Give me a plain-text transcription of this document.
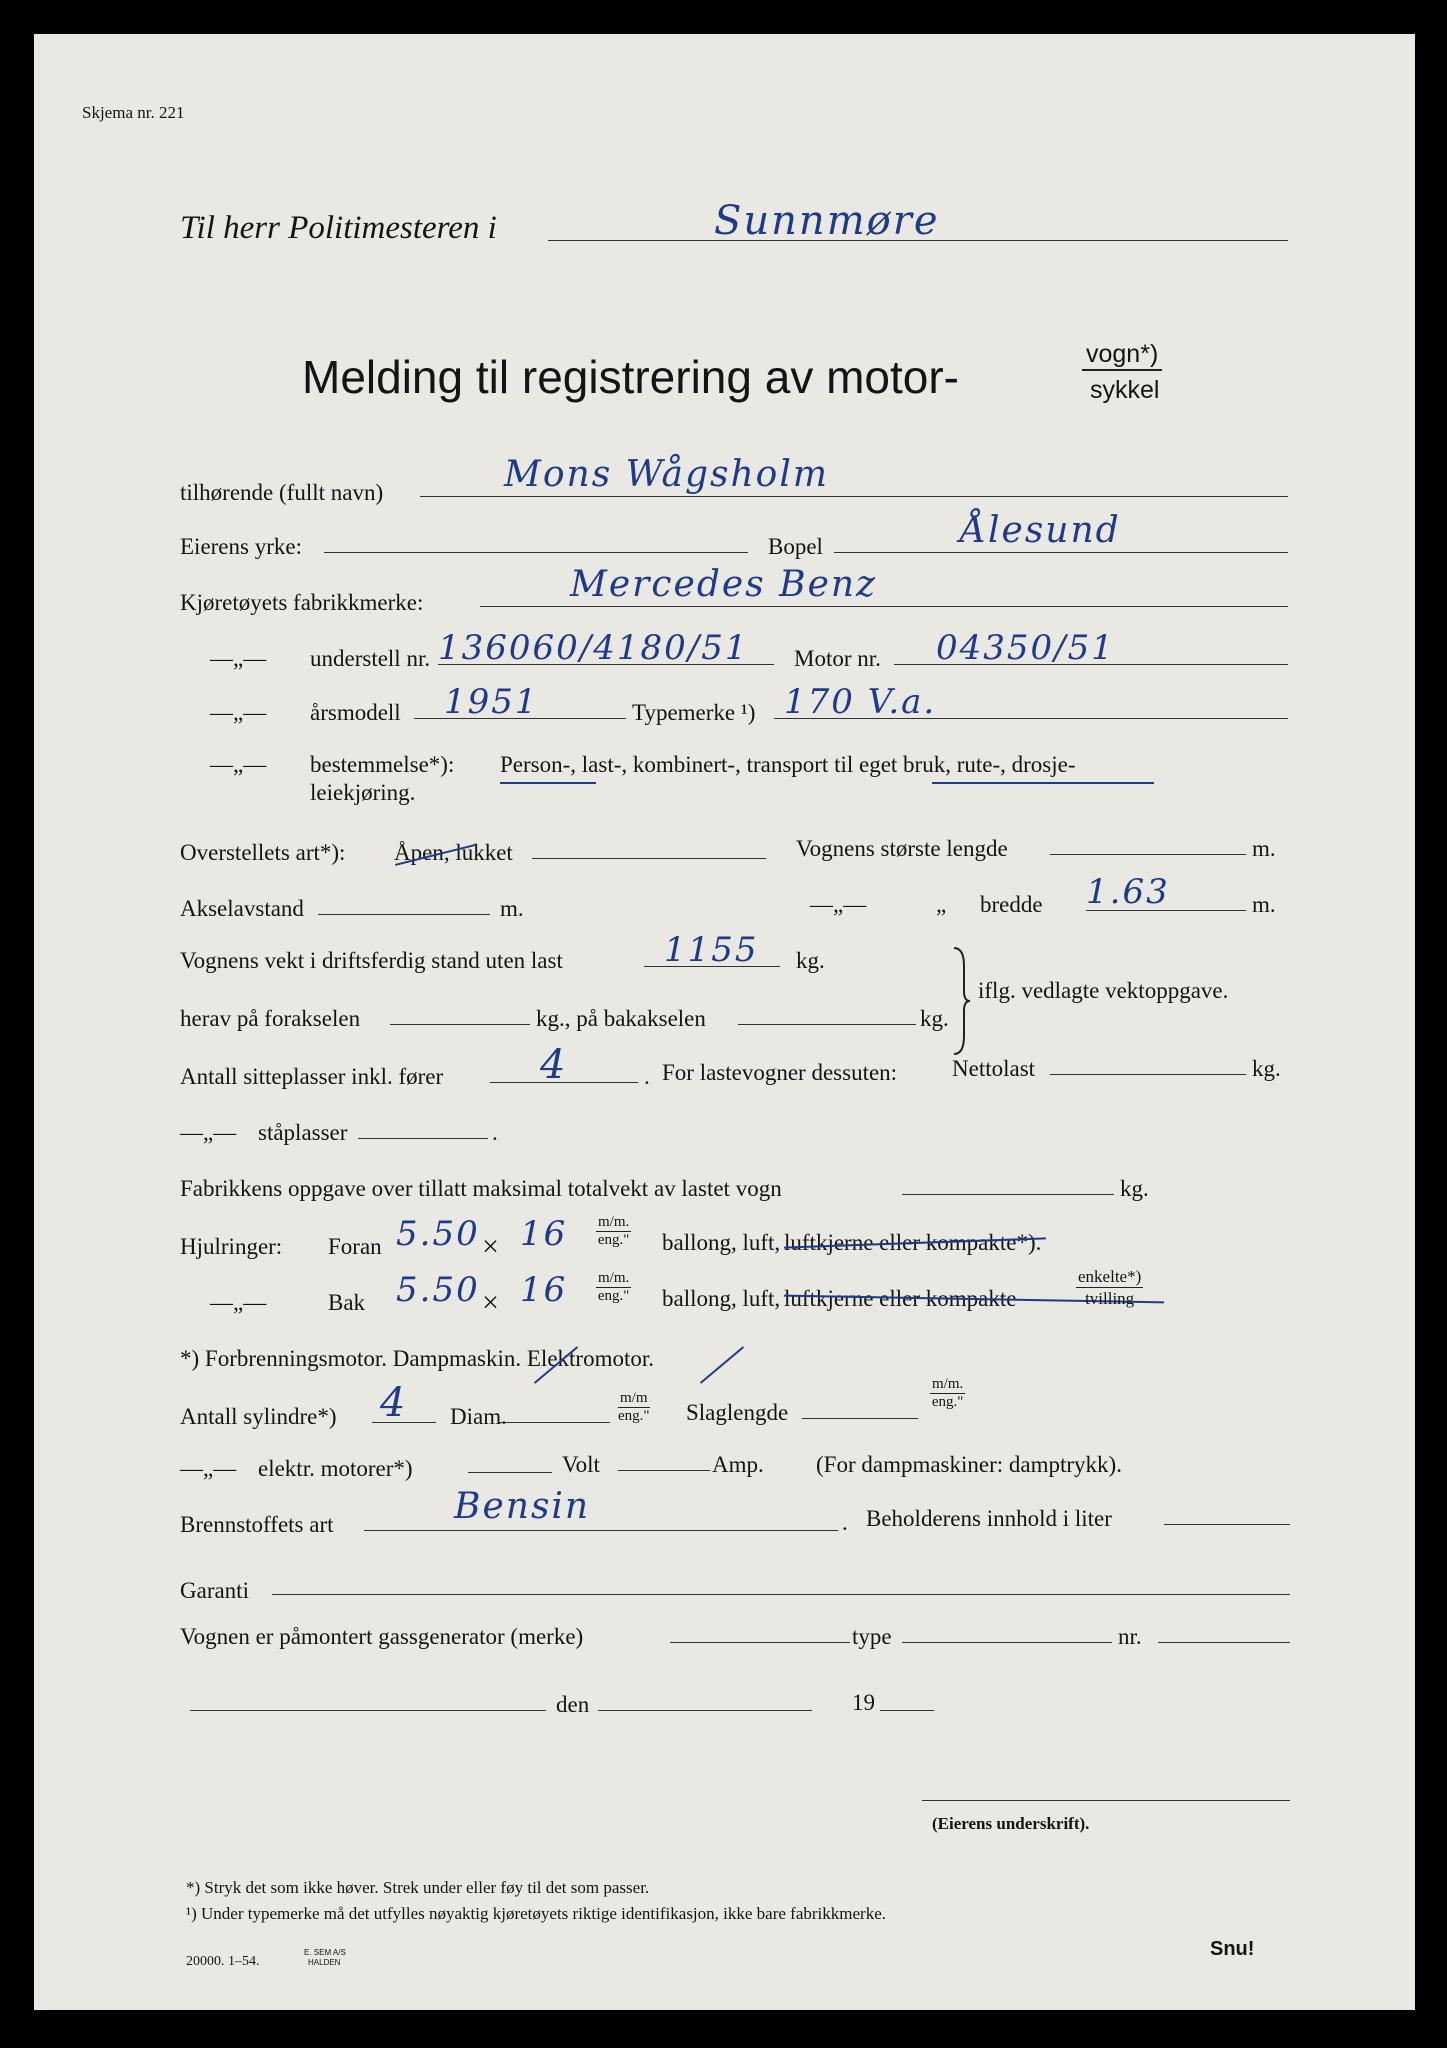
Skjema nr. 221
Til herr Politimesteren i	Sunnmøre
Melding til registrering av motor-	vogn*)
sykkel
tilhørende (fullt navn)	Mons Wågsholm
Eierens yrke:	Bopel	Ålesund
Kjøretøyets fabrikkmerke:	Mercedes Benz
—„— understell nr. 136060/4180/51 Motor nr. 04350/51
—„— årsmodell 1951	Typemerke ¹) 170 V.a.
—„— bestemmelse*): Person-, last-, kombinert-, transport til eget bruk, rute-, drosje-
leiekjøring.
Overstellets art*): Åpen, lukket	Vognens største lengde	m.
Akselavstand	m.	—„—	„ bredde 1.63	m.
Vognens vekt i driftsferdig stand uten last	1155 kg.
herav på forakselen	kg., på bakakselen	kg.
iflg. vedlagte vektoppgave.
Antall sitteplasser inkl. fører 4	. For lastevogner dessuten: Nettolast	kg.
—„— ståplasser	.
Fabrikkens oppgave over tillatt maksimal totalvekt av lastet vogn	kg.
Hjulringer: Foran 5.50 × 16 m/m.
eng." ballong, luft, luftkjerne eller kompakte*).
—„—	Bak 5.50 × 16 m/m.
eng." ballong, luft, luftkjerne eller kompakte
enkelte*)
tvilling
*) Forbrenningsmotor. Dampmaskin. Elektromotor.
Antall sylindre*) 4 Diam.
m/m
eng." Slaglengde
m/m.
eng."
—„— elektr. motorer*)	Volt	Amp. (For dampmaskiner: damptrykk).
Brennstoffets art	Bensin	. Beholderens innhold i liter
Garanti
Vognen er påmontert gassgenerator (merke)	type	nr.
den	19
(Eierens underskrift).
*) Stryk det som ikke høver. Strek under eller føy til det som passer.
¹) Under typemerke må det utfylles nøyaktig kjøretøyets riktige identifikasjon, ikke bare fabrikkmerke.
20000. 1–54.
E. SEM A/S
HALDEN
Snu!
